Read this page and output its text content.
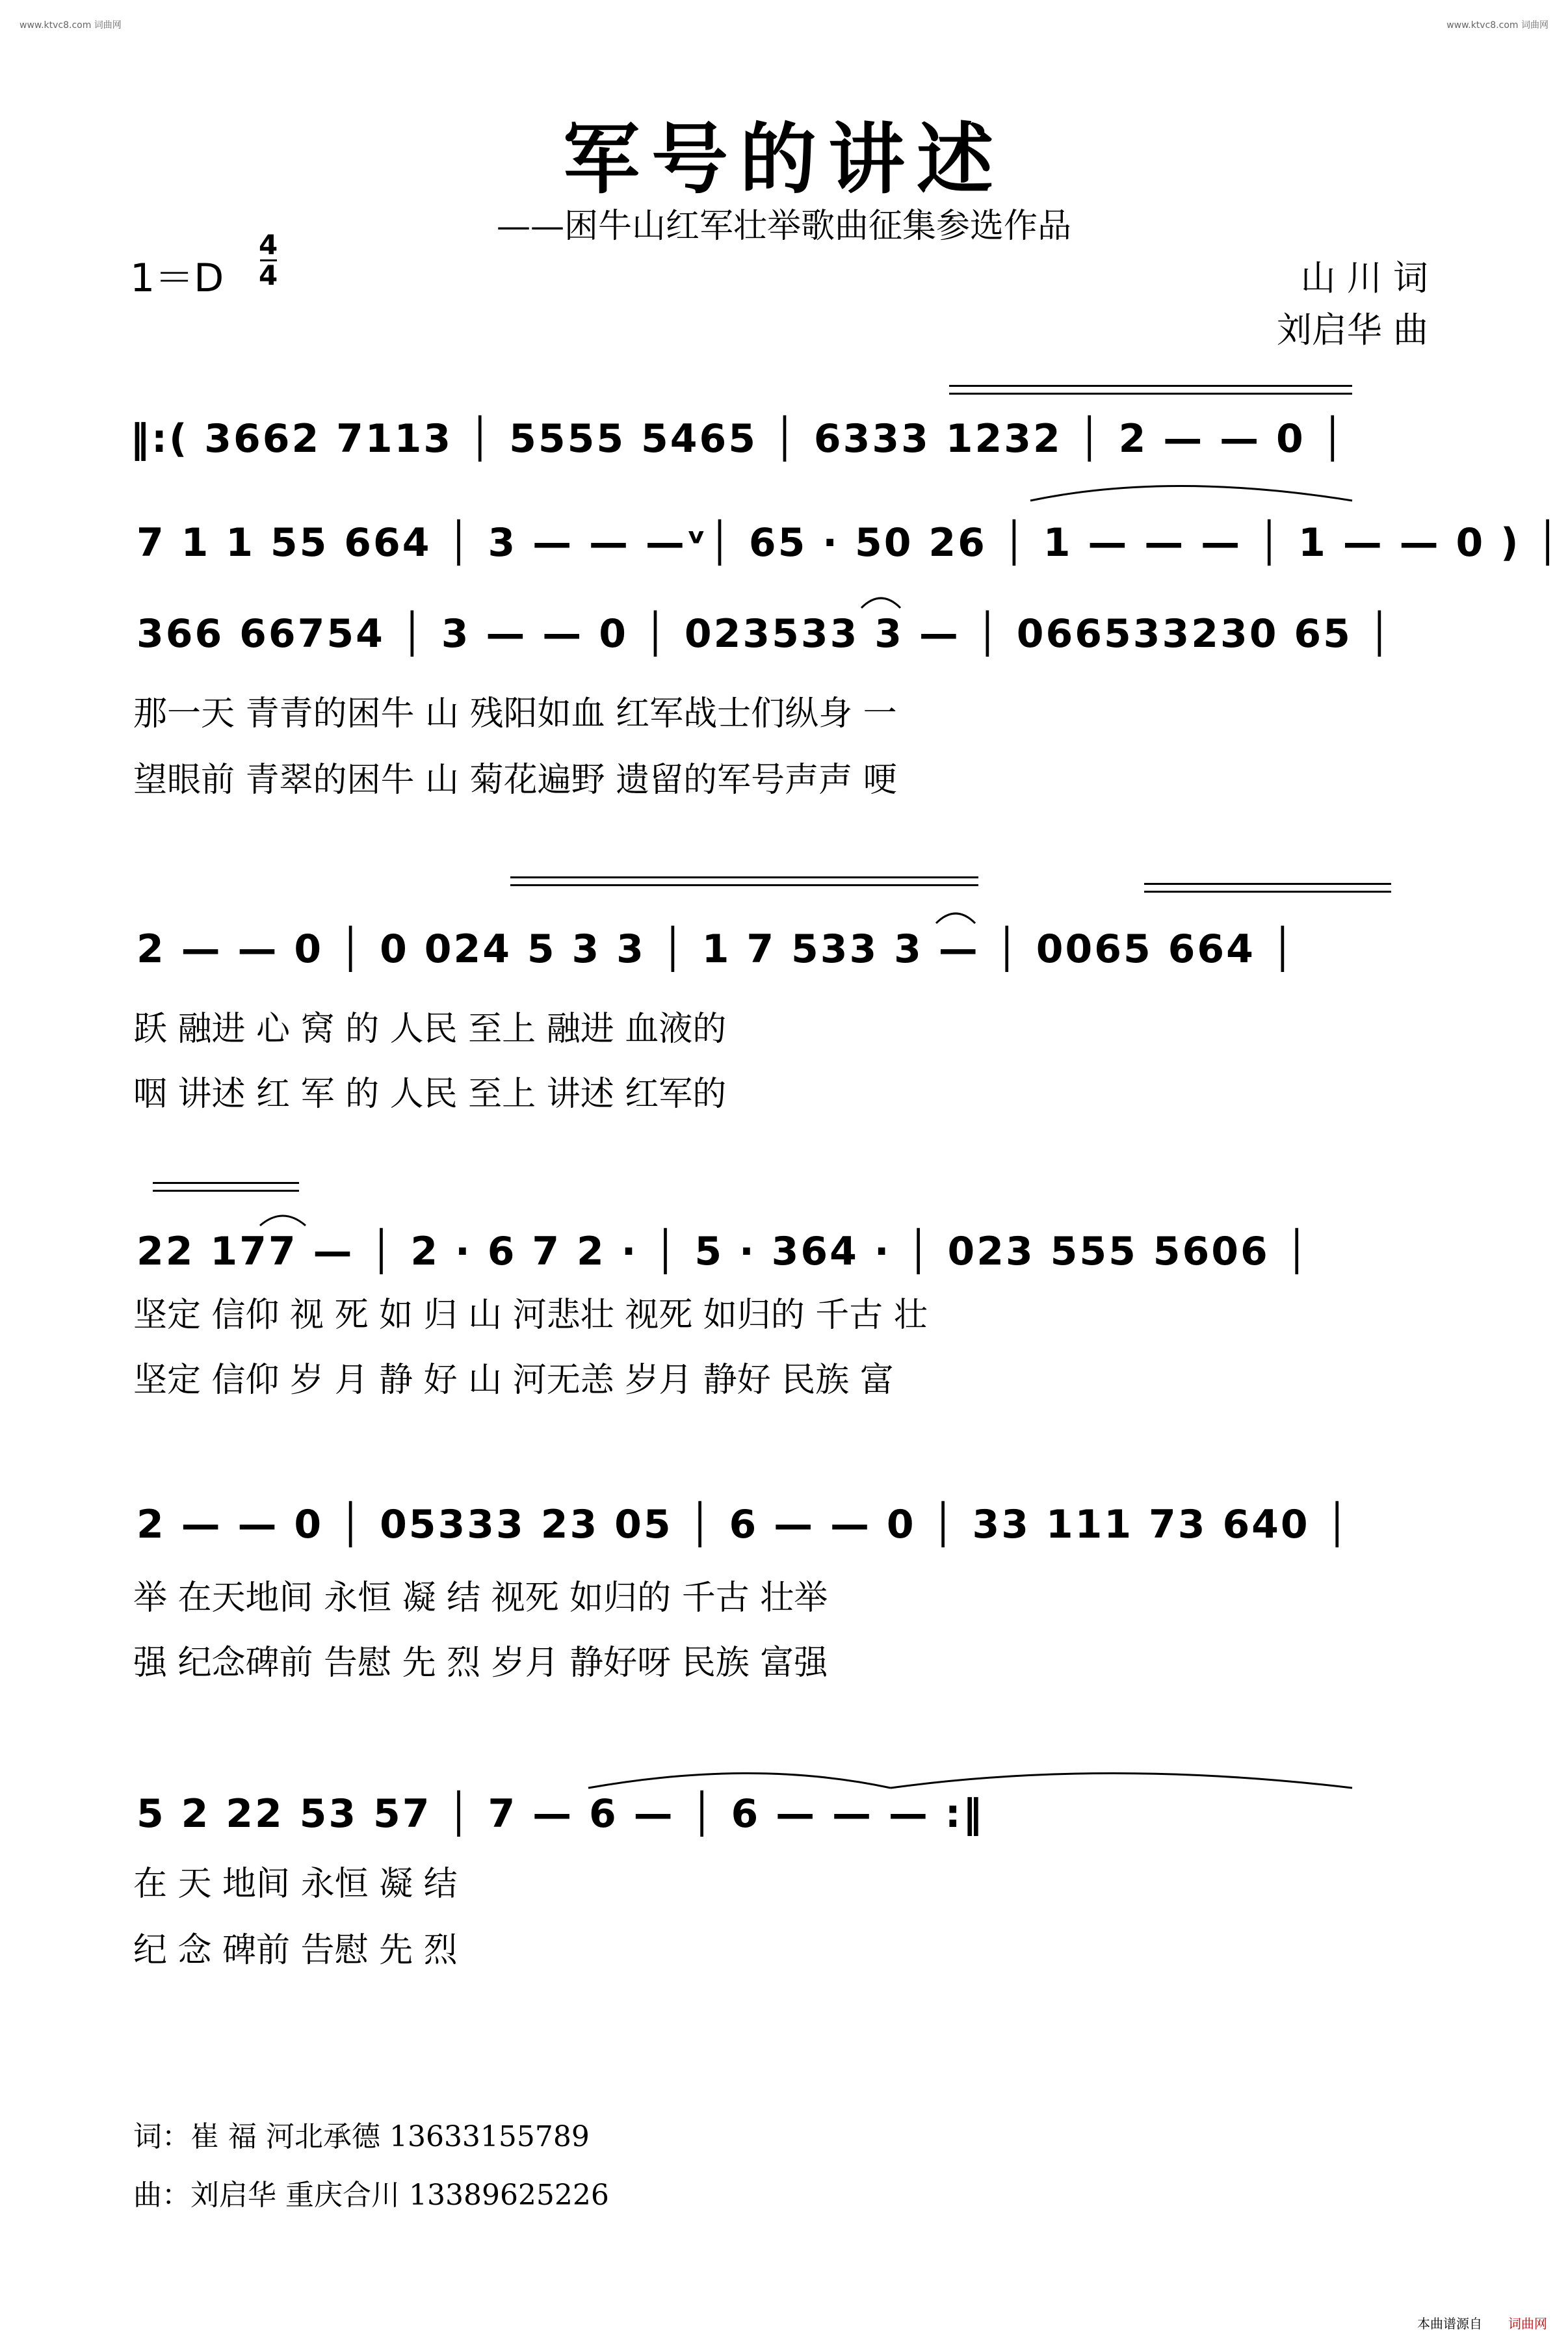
www.ktvc8.com 词曲网	www.ktvc8.com 词曲网
军号的讲述
——困牛山红军壮举歌曲征集参选作品
1＝D
4
4	山 川 词
刘启华 曲
‖:( 3662 7113 │ 5555 5465 │ 6333 1232 │ 2 — — 0 │
7 1 1 55 664 │ 3 — — —ᵛ│ 65 · 50 26 │ 1 — — — │ 1 — — 0 ) │
366 66754 │ 3 — — 0 │ 023533 3 — │ 066533230 65 │
那一天 青青的困牛 山 残阳如血 红军战士们纵身 一
望眼前 青翠的困牛 山 菊花遍野 遗留的军号声声 哽
2 — — 0 │ 0 024 5 3 3 │ 1 7 533 3 — │ 0065 664 │
跃 融进 心 窝 的 人民 至上 融进 血液的
咽 讲述 红 军 的 人民 至上 讲述 红军的
22 177 — │ 2 · 6 7 2 · │ 5 · 364 · │ 023 555 5606 │
坚定 信仰 视 死 如 归 山 河悲壮 视死 如归的 千古 壮
坚定 信仰 岁 月 静 好 山 河无恙 岁月 静好 民族 富
2 — — 0 │ 05333 23 05 │ 6 — — 0 │ 33 111 73 640 │
举 在天地间 永恒 凝 结 视死 如归的 千古 壮举
强 纪念碑前 告慰 先 烈 岁月 静好呀 民族 富强
5 2 22 53 57 │ 7 — 6 — │ 6 — — — :‖
在 天 地间 永恒 凝 结
纪 念 碑前 告慰 先 烈
词：崔 福 河北承德 13633155789
曲：刘启华 重庆合川 13389625226
本曲谱源自 词曲网
